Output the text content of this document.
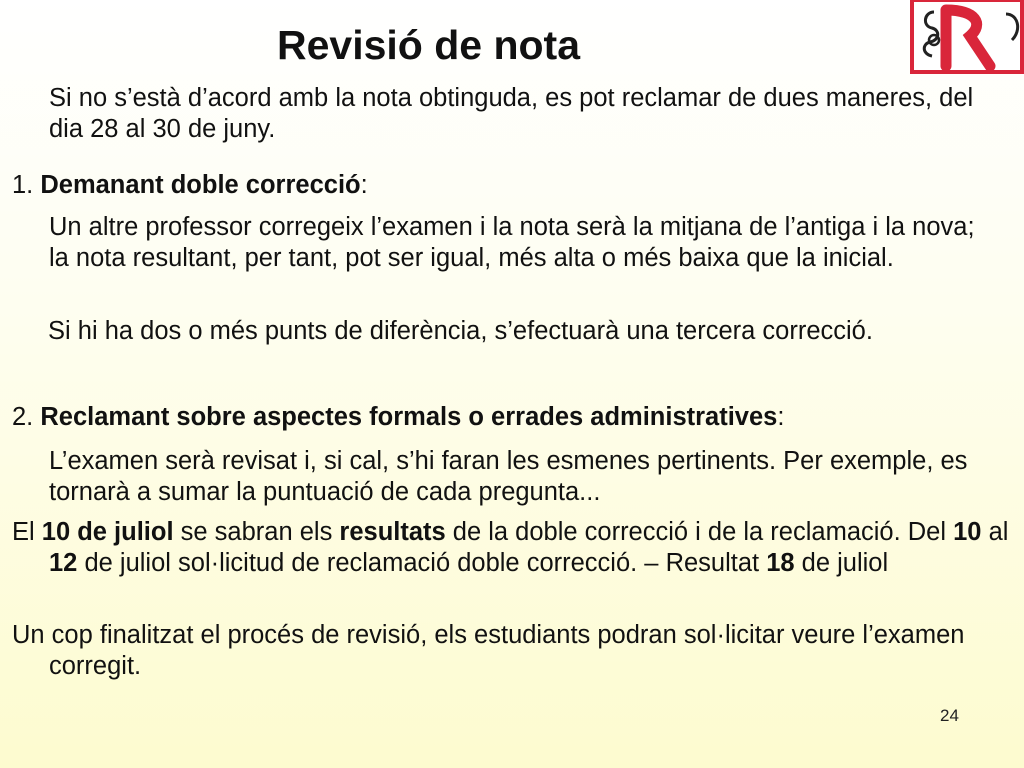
Revisió de nota
Si no s’està d’acord amb la nota obtinguda, es pot reclamar de dues maneres, del dia 28 al 30 de juny.
1. Demanant doble correcció:
Un altre professor corregeix l’examen i la nota serà la mitjana de l’antiga i la nova; la nota resultant, per tant, pot ser igual, més alta o més baixa que la inicial.
Si hi ha dos o més punts de diferència, s’efectuarà una tercera correcció.
2. Reclamant sobre aspectes formals o errades administratives:
L’examen serà revisat i, si cal, s’hi faran les esmenes pertinents. Per exemple, es tornarà a sumar la puntuació de cada pregunta...
El 10 de juliol se sabran els resultats de la doble correcció i de la reclamació. Del 10 al 12 de juliol sol·licitud de reclamació doble correcció. – Resultat 18 de juliol
Un cop finalitzat el procés de revisió, els estudiants podran sol·licitar veure l’examen corregit.
24
